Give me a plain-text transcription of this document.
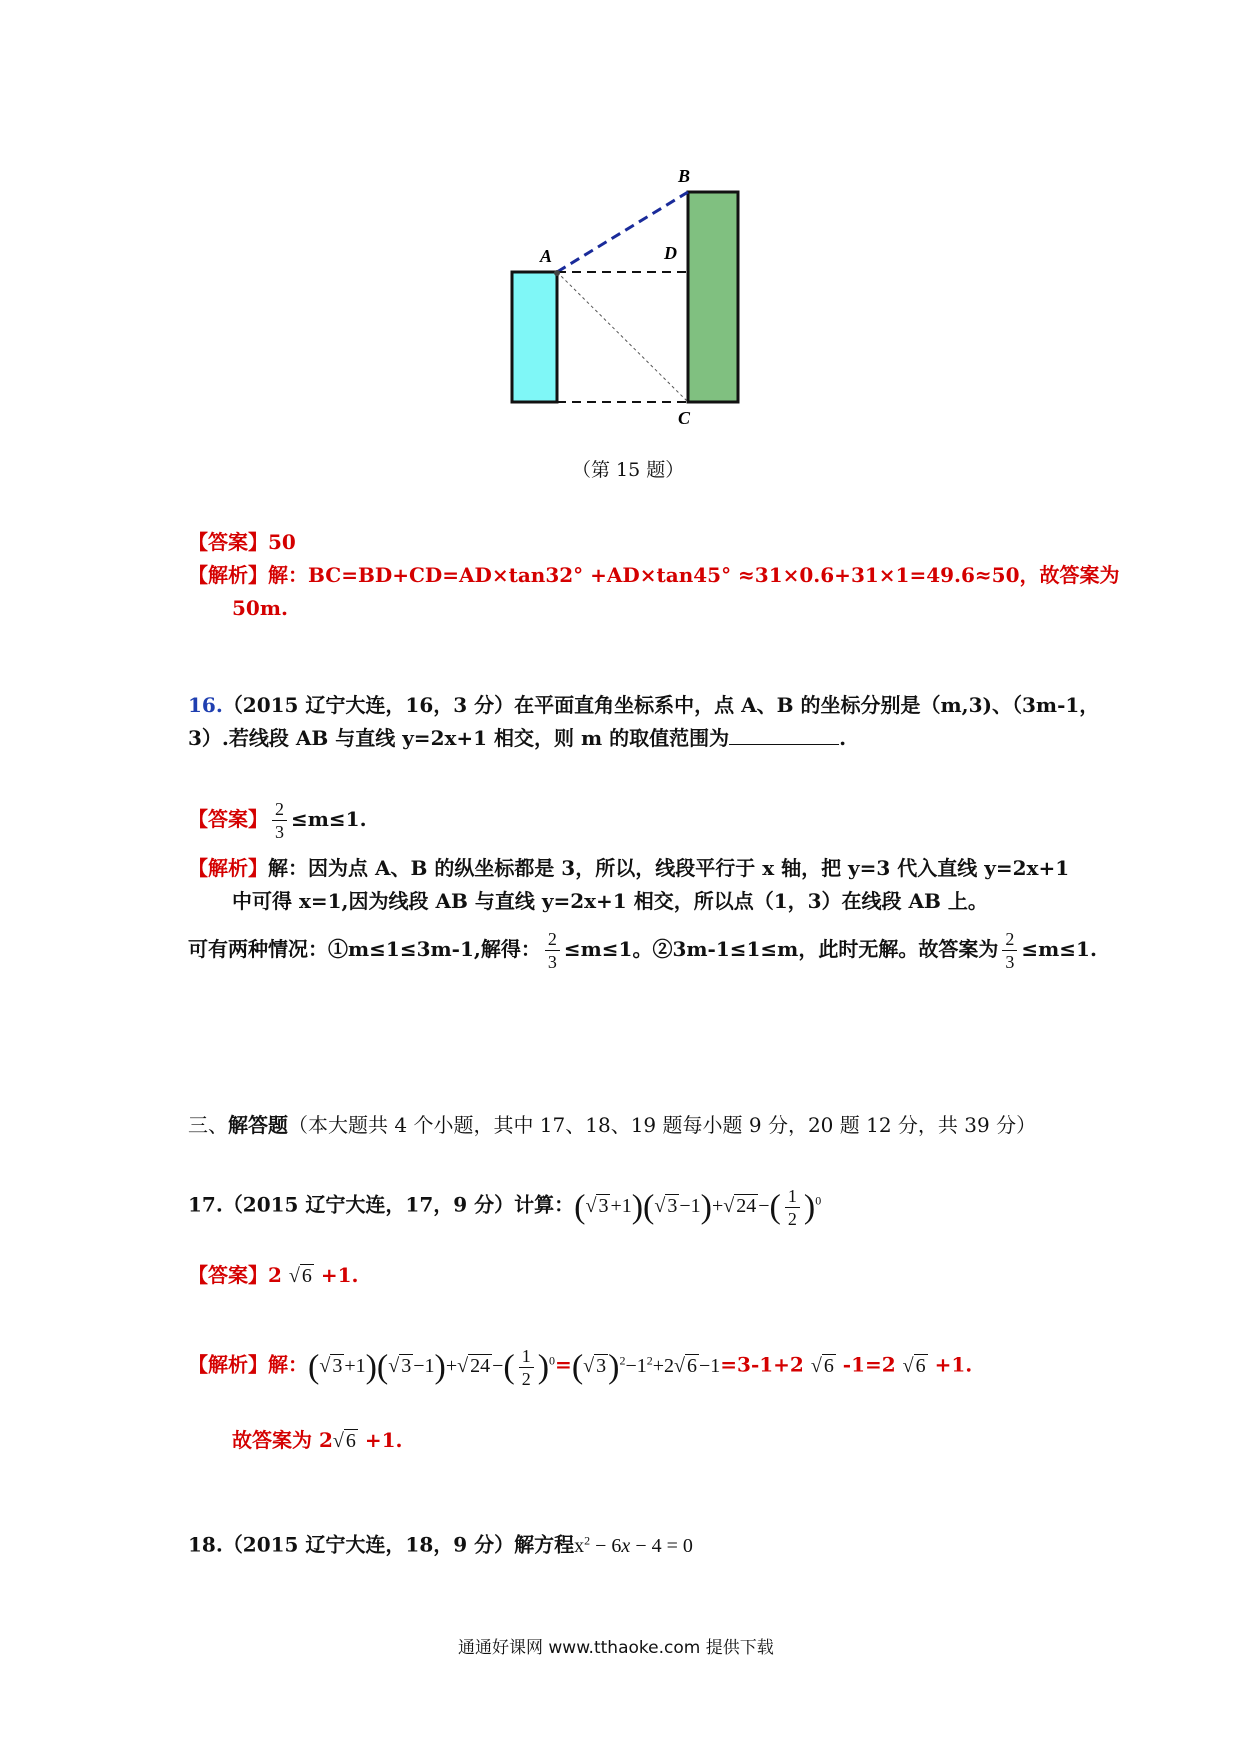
B
A	D
C
（第 15 题）
【答案】50
【解析】解：BC=BD+CD=AD×tan32° +AD×tan45° ≈31×0.6+31×1=49.6≈50，故答案为
50m.
16.（2015 辽宁大连，16，3 分）在平面直角坐标系中，点 A、B 的坐标分别是（m,3)、（3m-1，
3）.若线段 AB 与直线 y=2x+1 相交，则 m 的取值范围为	.
【答案】 $\frac{2}{3} \le m\le 1$.
【解析】解：因为点 A、B 的纵坐标都是 3，所以，线段平行于 x 轴，把 y=3 代入直线 y=2x+1
中可得 x=1,因为线段 AB 与直线 y=2x+1 相交，所以点（1，3）在线段 AB 上。
可有两种情况：①m≤1≤3m-1,解得： $\frac{2}{3} \le m\le 1$。②3m-1≤1≤m，此时无解。故答案为 $\frac{2}{3} \le m\le 1$.
三、解答题（本大题共 4 个小题，其中 17、18、19 题每小题 9 分，20 题 12 分，共 39 分）
17.（2015 辽宁大连，17，9 分）计算：(√ 3 +1)(√ 3 −1)+√ 24 −( $\frac{1}{2} )^0$
【答案】2 √ 6 +1.
【解析】解：(√ 3 +1)(√ 3 −1)+√ 24 −( $\frac{1}{2} )^0=(√$ $3)^2-1^2+2√$ 6 −1=3-1+2 √ 6 -1=2 √ 6 +1.
故答案为 2√ 6 +1.
18.（2015 辽宁大连，18，9 分）解方程$x^2 - 6x - 4 = 0$
通通好课网 www.tthaoke.com 提供下载
